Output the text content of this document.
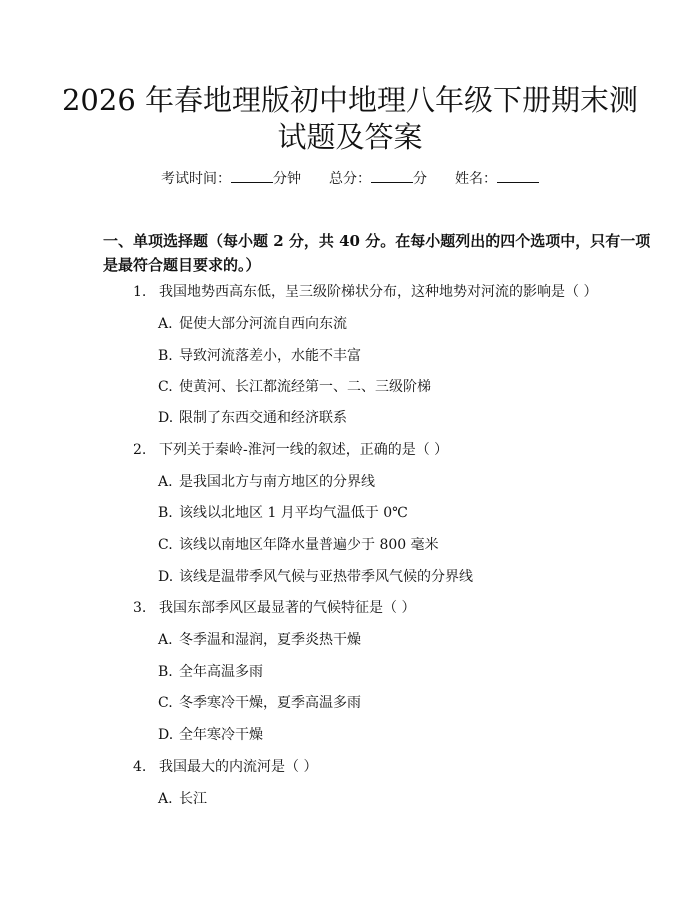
2026 年春地理版初中地理八年级下册期末测
试题及答案
考试时间：	分钟 总分：	分 姓名：
一、单项选择题（每小题 2 分，共 40 分。在每小题列出的四个选项中，只有一项
是最符合题目要求的。）
1. 我国地势西高东低，呈三级阶梯状分布，这种地势对河流的影响是（ ）
A. 促使大部分河流自西向东流
B. 导致河流落差小，水能不丰富
C. 使黄河、长江都流经第一、二、三级阶梯
D. 限制了东西交通和经济联系
2. 下列关于秦岭-淮河一线的叙述，正确的是（ ）
A. 是我国北方与南方地区的分界线
B. 该线以北地区 1 月平均气温低于 0℃
C. 该线以南地区年降水量普遍少于 800 毫米
D. 该线是温带季风气候与亚热带季风气候的分界线
3. 我国东部季风区最显著的气候特征是（ ）
A. 冬季温和湿润，夏季炎热干燥
B. 全年高温多雨
C. 冬季寒冷干燥，夏季高温多雨
D. 全年寒冷干燥
4. 我国最大的内流河是（ ）
A. 长江
